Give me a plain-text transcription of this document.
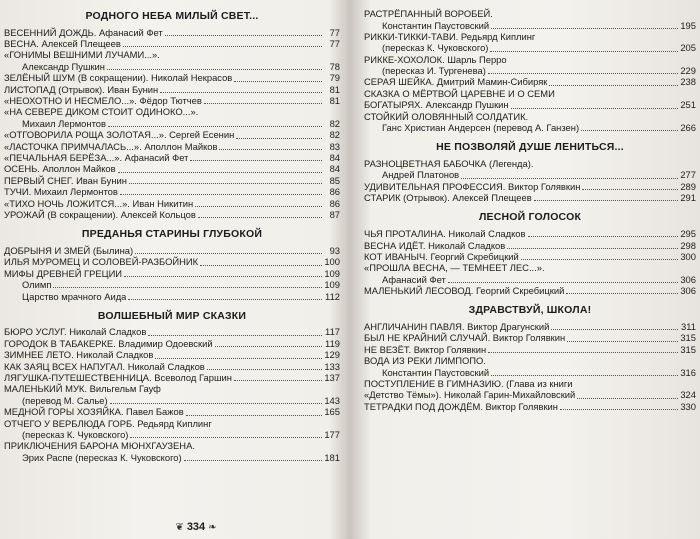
РОДНОГО НЕБА МИЛЫЙ СВЕТ...
ВЕСЕННИЙ ДОЖДЬ. Афанасий Фет	77
ВЕСНА. Алексей Плещеев	77
«ГОНИМЫ ВЕШНИМИ ЛУЧАМИ...».
Александр Пушкин	78
ЗЕЛЁНЫЙ ШУМ (В сокращении). Николай Некрасов	79
ЛИСТОПАД (Отрывок). Иван Бунин	81
«НЕОХОТНО И НЕСМЕЛО...». Фёдор Тютчев	81
«НА СЕВЕРЕ ДИКОМ СТОИТ ОДИНОКО...».
Михаил Лермонтов	82
«ОТГОВОРИЛА РОЩА ЗОЛОТАЯ...». Сергей Есенин	82
«ЛАСТОЧКА ПРИМЧАЛАСЬ...». Аполлон Майков	83
«ПЕЧАЛЬНАЯ БЕРЁЗА...». Афанасий Фет	84
ОСЕНЬ. Аполлон Майков	84
ПЕРВЫЙ СНЕГ. Иван Бунин	85
ТУЧИ. Михаил Лермонтов	86
«ТИХО НОЧЬ ЛОЖИТСЯ...». Иван Никитин	86
УРОЖАЙ (В сокращении). Алексей Кольцов	87
ПРЕДАНЬЯ СТАРИНЫ ГЛУБОКОЙ
ДОБРЫНЯ И ЗМЕЙ (Былина)	93
ИЛЬЯ МУРОМЕЦ И СОЛОВЕЙ-РАЗБОЙНИК	100
МИФЫ ДРЕВНЕЙ ГРЕЦИИ	109
Олимп	109
Царство мрачного Аида	112
ВОЛШЕБНЫЙ МИР СКАЗКИ
БЮРО УСЛУГ. Николай Сладков	117
ГОРОДОК В ТАБАКЕРКЕ. Владимир Одоевский	119
ЗИМНЕЕ ЛЕТО. Николай Сладков	129
КАК ЗАЯЦ ВСЕХ НАПУГАЛ. Николай Сладков	133
ЛЯГУШКА-ПУТЕШЕСТВЕННИЦА. Всеволод Гаршин	137
МАЛЕНЬКИЙ МУК. Вильгельм Гауф
(перевод М. Салье)	143
МЕДНОЙ ГОРЫ ХОЗЯЙКА. Павел Бажов	165
ОТЧЕГО У ВЕРБЛЮДА ГОРБ. Редьярд Киплинг
(пересказ К. Чуковского)	177
ПРИКЛЮЧЕНИЯ БАРОНА МЮНХГАУЗЕНА.
Эрих Распе (пересказ К. Чуковского)	181
РАСТРЁПАННЫЙ ВОРОБЕЙ.
Константин Паустовский	195
РИККИ-ТИККИ-ТАВИ. Редьярд Киплинг
(пересказ К. Чуковского)	205
РИККЕ-ХОХОЛОК. Шарль Перро
(пересказ И. Тургенева)	229
СЕРАЯ ШЕЙКА. Дмитрий Мамин-Сибиряк	238
СКАЗКА О МЁРТВОЙ ЦАРЕВНЕ И О СЕМИ
БОГАТЫРЯХ. Александр Пушкин	251
СТОЙКИЙ ОЛОВЯННЫЙ СОЛДАТИК.
Ганс Христиан Андерсен (перевод А. Ганзен)	266
НЕ ПОЗВОЛЯЙ ДУШЕ ЛЕНИТЬСЯ...
РАЗНОЦВЕТНАЯ БАБОЧКА (Легенда).
Андрей Платонов	277
УДИВИТЕЛЬНАЯ ПРОФЕССИЯ. Виктор Голявкин	289
СТАРИК (Отрывок). Алексей Плещеев	291
ЛЕСНОЙ ГОЛОСОК
ЧЬЯ ПРОТАЛИНА. Николай Сладков	295
ВЕСНА ИДЁТ. Николай Сладков	298
КОТ ИВАНЫЧ. Георгий Скребицкий	300
«ПРОШЛА ВЕСНА, — ТЕМНЕЕТ ЛЕС...».
Афанасий Фет	306
МАЛЕНЬКИЙ ЛЕСОВОД. Георгий Скребицкий	306
ЗДРАВСТВУЙ, ШКОЛА!
АНГЛИЧАНИН ПАВЛЯ. Виктор Драгунский	311
БЫЛ НЕ КРАЙНИЙ СЛУЧАЙ. Виктор Голявкин	315
НЕ ВЕЗЁТ. Виктор Голявкин	315
ВОДА ИЗ РЕКИ ЛИМПОПО.
Константин Паустовский	316
ПОСТУПЛЕНИЕ В ГИМНАЗИЮ. (Глава из книги
«Детство Тёмы»). Николай Гарин-Михайловский	324
ТЕТРАДКИ ПОД ДОЖДЁМ. Виктор Голявкин	330
❦ 334 ❧
